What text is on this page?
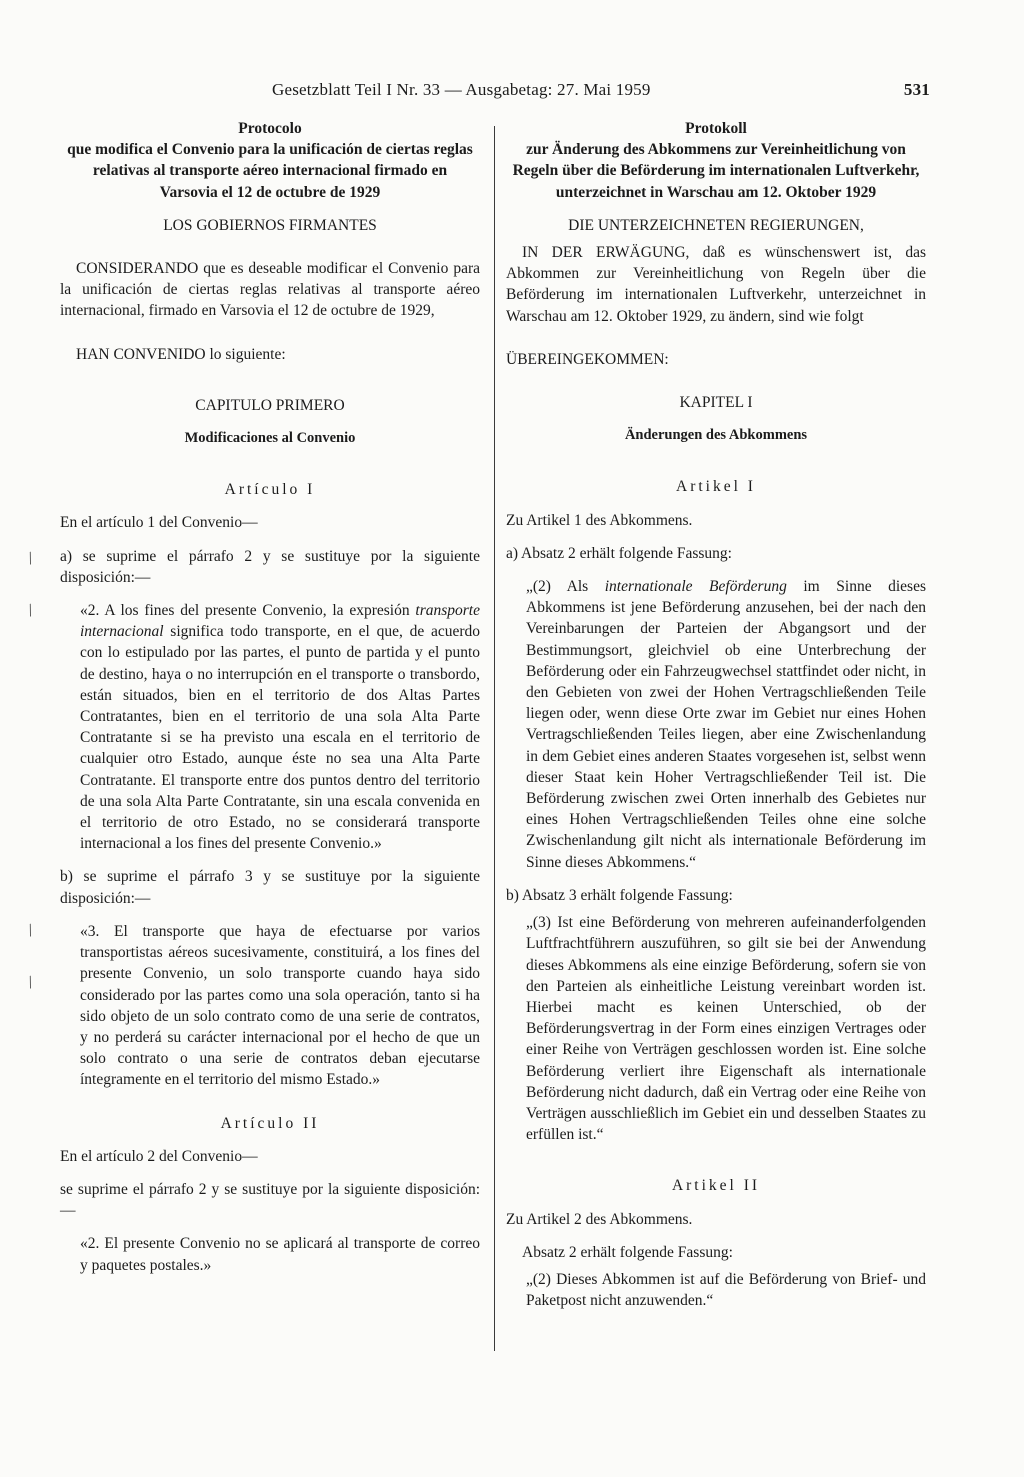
Gesetzblatt Teil I Nr. 33 — Ausgabetag: 27. Mai 1959	531
/
/
/
/

Protocolo

que modifica el Convenio para la unificación de ciertas reglas relativas al transporte aéreo internacional firmado en Varsovia el 12 de octubre de 1929

LOS GOBIERNOS FIRMANTES

CONSIDERANDO que es deseable modificar el Convenio para la unificación de ciertas reglas relativas al transporte aéreo internacional, firmado en Varsovia el 12 de octubre de 1929,

HAN CONVENIDO lo siguiente:

CAPITULO PRIMERO

Modificaciones al Convenio

Artículo I

En el artículo 1 del Convenio—

a) se suprime el párrafo 2 y se sustituye por la siguiente disposición:—

«2. A los fines del presente Convenio, la expresión transporte internacional significa todo transporte, en el que, de acuerdo con lo estipulado por las partes, el punto de partida y el punto de destino, haya o no interrupción en el transporte o transbordo, están situados, bien en el territorio de dos Altas Partes Contratantes, bien en el territorio de una sola Alta Parte Contratante si se ha previsto una escala en el territorio de cualquier otro Estado, aunque éste no sea una Alta Parte Contratante. El transporte entre dos puntos dentro del territorio de una sola Alta Parte Contratante, sin una escala convenida en el territorio de otro Estado, no se considerará transporte internacional a los fines del presente Convenio.»

b) se suprime el párrafo 3 y se sustituye por la siguiente disposición:—

«3. El transporte que haya de efectuarse por varios transportistas aéreos sucesivamente, constituirá, a los fines del presente Convenio, un solo transporte cuando haya sido considerado por las partes como una sola operación, tanto si ha sido objeto de un solo contrato como de una serie de contratos, y no perderá su carácter internacional por el hecho de que un solo contrato o una serie de contratos deban ejecutarse íntegramente en el territorio del mismo Estado.»

Artículo II

En el artículo 2 del Convenio—

se suprime el párrafo 2 y se sustituye por la siguiente disposición:—

«2. El presente Convenio no se aplicará al transporte de correo y paquetes postales.»

Protokoll

zur Änderung des Abkommens zur Vereinheitlichung von Regeln über die Beförderung im internationalen Luftverkehr, unterzeichnet in Warschau am 12. Oktober 1929

DIE UNTERZEICHNETEN REGIERUNGEN,

IN DER ERWÄGUNG, daß es wünschenswert ist, das Abkommen zur Vereinheitlichung von Regeln über die Beförderung im internationalen Luftverkehr, unterzeichnet in Warschau am 12. Oktober 1929, zu ändern, sind wie folgt

ÜBEREINGEKOMMEN:

KAPITEL I

Änderungen des Abkommens

Artikel I

Zu Artikel 1 des Abkommens.

a) Absatz 2 erhält folgende Fassung:

„(2) Als internationale Beförderung im Sinne dieses Abkommens ist jene Beförderung anzusehen, bei der nach den Vereinbarungen der Parteien der Abgangsort und der Bestimmungsort, gleichviel ob eine Unterbrechung der Beförderung oder ein Fahrzeugwechsel stattfindet oder nicht, in den Gebieten von zwei der Hohen Vertragschließenden Teile liegen oder, wenn diese Orte zwar im Gebiet nur eines Hohen Vertragschließenden Teiles liegen, aber eine Zwischenlandung in dem Gebiet eines anderen Staates vorgesehen ist, selbst wenn dieser Staat kein Hoher Vertragschließender Teil ist. Die Beförderung zwischen zwei Orten innerhalb des Gebietes nur eines Hohen Vertragschließenden Teiles ohne eine solche Zwischenlandung gilt nicht als internationale Beförderung im Sinne dieses Abkommens.“

b) Absatz 3 erhält folgende Fassung:

„(3) Ist eine Beförderung von mehreren aufeinanderfolgenden Luftfrachtführern auszuführen, so gilt sie bei der Anwendung dieses Abkommens als eine einzige Beförderung, sofern sie von den Parteien als einheitliche Leistung vereinbart worden ist. Hierbei macht es keinen Unterschied, ob der Beförderungsvertrag in der Form eines einzigen Vertrages oder einer Reihe von Verträgen geschlossen worden ist. Eine solche Beförderung verliert ihre Eigenschaft als internationale Beförderung nicht dadurch, daß ein Vertrag oder eine Reihe von Verträgen ausschließlich im Gebiet ein und desselben Staates zu erfüllen ist.“

Artikel II

Zu Artikel 2 des Abkommens.

Absatz 2 erhält folgende Fassung:

„(2) Dieses Abkommen ist auf die Beförderung von Brief- und Paketpost nicht anzuwenden.“
